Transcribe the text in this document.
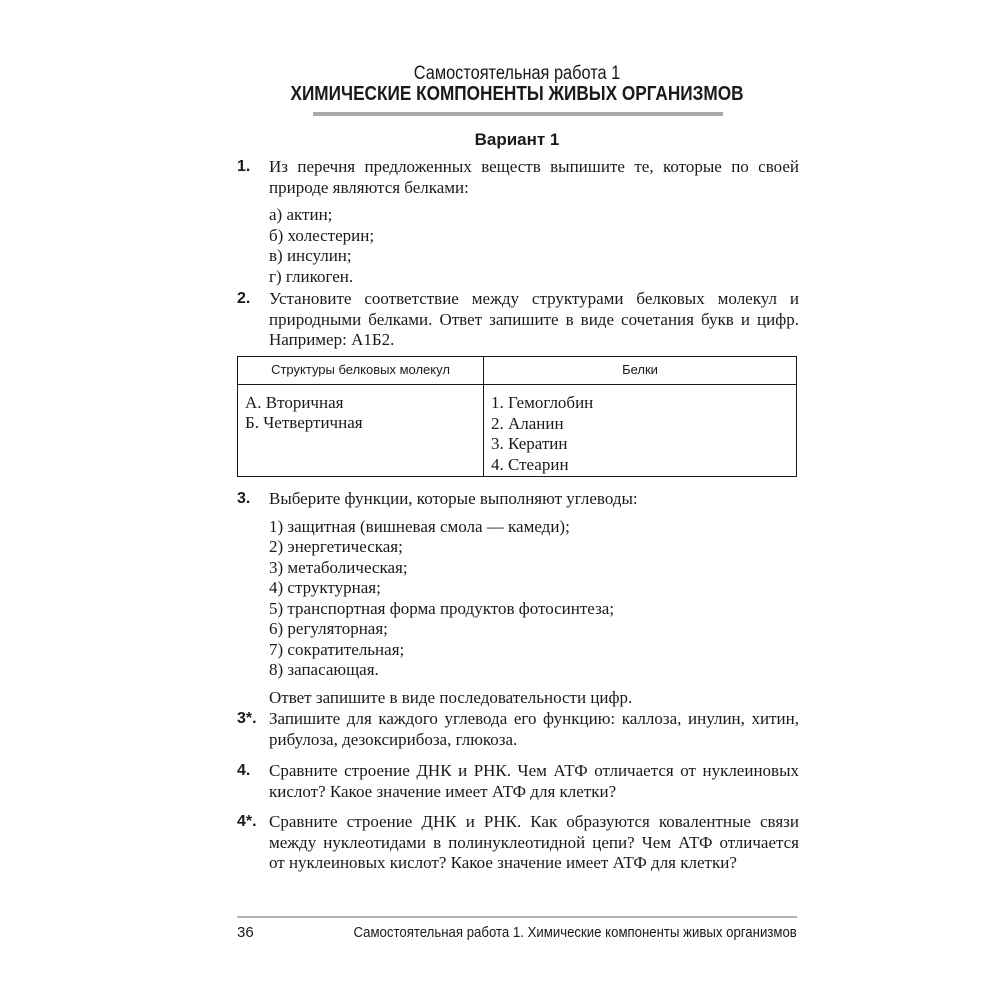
Самостоятельная работа 1
ХИМИЧЕСКИЕ КОМПОНЕНТЫ ЖИВЫХ ОРГАНИЗМОВ
Вариант 1
1. Из перечня предложенных веществ выпишите те, которые по своей природе являются белками:
а) актин;
б) холестерин;
в) инсулин;
г) гликоген.
2. Установите соответствие между структурами белковых молекул и природными белками. Ответ запишите в виде сочетания букв и цифр. Например: А1Б2.
Структуры белковых молекул	Белки
А. Вторичная
Б. Четвертичная
1. Гемоглобин
2. Аланин
3. Кератин
4. Стеарин
3. Выберите функции, которые выполняют углеводы:
1) защитная (вишневая смола — камеди);
2) энергетическая;
3) метаболическая;
4) структурная;
5) транспортная форма продуктов фотосинтеза;
6) регуляторная;
7) сократительная;
8) запасающая.
Ответ запишите в виде последовательности цифр.
3*. Запишите для каждого углевода его функцию: каллоза, инулин, хитин, рибулоза, дезоксирибоза, глюкоза.
4. Сравните строение ДНК и РНК. Чем АТФ отличается от нуклеиновых кислот? Какое значение имеет АТФ для клетки?
4*. Сравните строение ДНК и РНК. Как образуются ковалентные связи между нуклеотидами в полинуклеотидной цепи? Чем АТФ отличается от нуклеиновых кислот? Какое значение имеет АТФ для клетки?
36	Самостоятельная работа 1. Химические компоненты живых организмов
